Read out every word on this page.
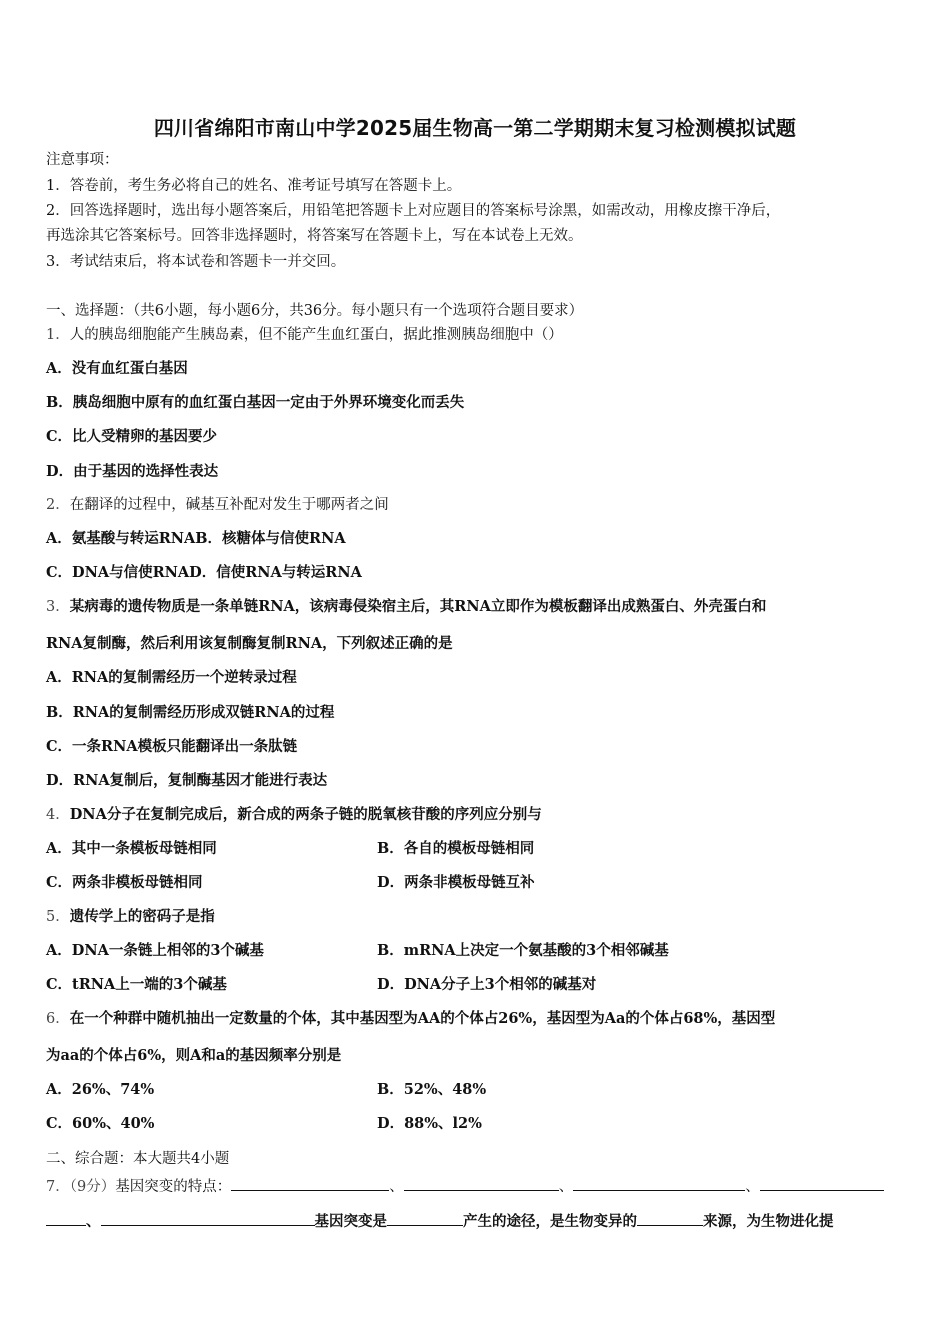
四川省绵阳市南山中学2025届生物高一第二学期期末复习检测模拟试题
注意事项：
1．答卷前，考生务必将自己的姓名、准考证号填写在答题卡上。
2．回答选择题时，选出每小题答案后，用铅笔把答题卡上对应题目的答案标号涂黑，如需改动，用橡皮擦干净后，
再选涂其它答案标号。回答非选择题时，将答案写在答题卡上，写在本试卷上无效。
3．考试结束后，将本试卷和答题卡一并交回。
一、选择题：（共6小题，每小题6分，共36分。每小题只有一个选项符合题目要求）
1．人的胰岛细胞能产生胰岛素，但不能产生血红蛋白，据此推测胰岛细胞中（）
A．没有血红蛋白基因
B．胰岛细胞中原有的血红蛋白基因一定由于外界环境变化而丢失
C．比人受精卵的基因要少
D．由于基因的选择性表达
2．在翻译的过程中，碱基互补配对发生于哪两者之间
A．氨基酸与转运RNAB．核糖体与信使RNA
C．DNA与信使RNAD．信使RNA与转运RNA
3．某病毒的遗传物质是一条单链RNA，该病毒侵染宿主后，其RNA立即作为模板翻译出成熟蛋白、外壳蛋白和
RNA复制酶，然后利用该复制酶复制RNA，下列叙述正确的是
A．RNA的复制需经历一个逆转录过程
B．RNA的复制需经历形成双链RNA的过程
C．一条RNA模板只能翻译出一条肽链
D．RNA复制后，复制酶基因才能进行表达
4．DNA分子在复制完成后，新合成的两条子链的脱氧核苷酸的序列应分别与
A．其中一条模板母链相同	B．各自的模板母链相同
C．两条非模板母链相同	D．两条非模板母链互补
5．遗传学上的密码子是指
A．DNA一条链上相邻的3个碱基	B．mRNA上决定一个氨基酸的3个相邻碱基
C．tRNA上一端的3个碱基	D．DNA分子上3个相邻的碱基对
6．在一个种群中随机抽出一定数量的个体，其中基因型为AA的个体占26%，基因型为Aa的个体占68%，基因型
为aa的个体占6%，则A和a的基因频率分别是
A．26%、74%	B．52%、48%
C．60%、40%	D．88%、l2%
二、综合题：本大题共4小题
7．（9分）基因突变的特点：	、	、	、
、	基因突变是	产生的途径，是生物变异的	来源，为生物进化提
